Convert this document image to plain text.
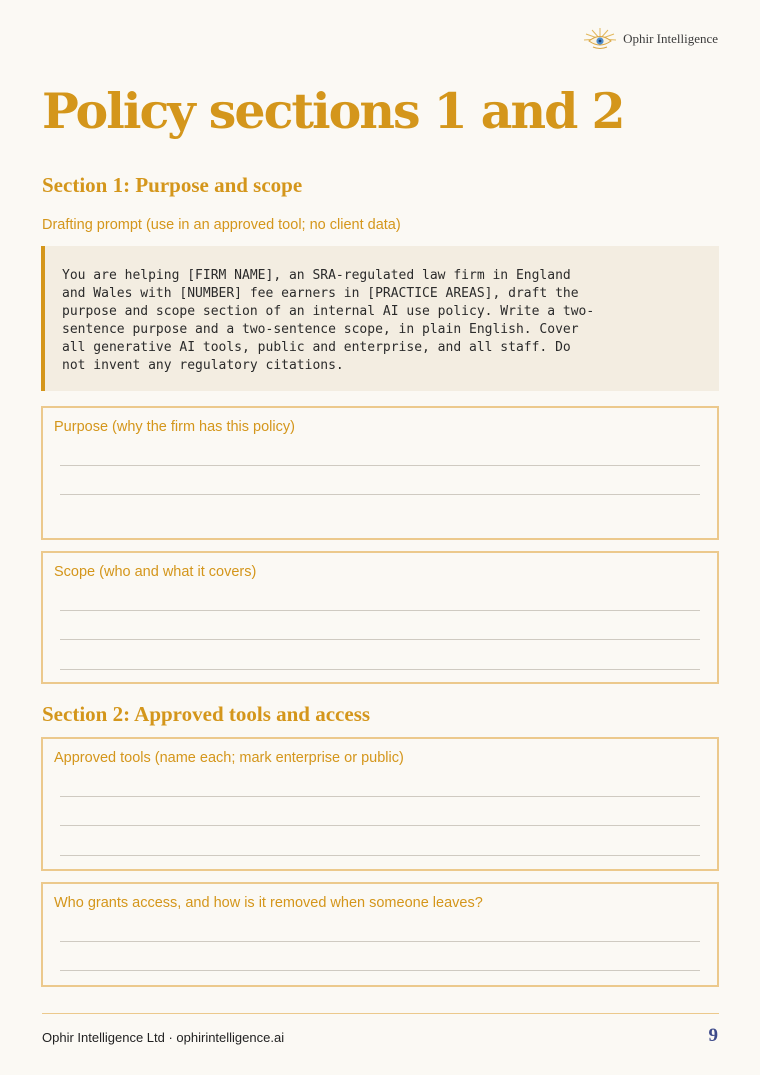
Ophir Intelligence
Policy sections 1 and 2
Section 1: Purpose and scope
Drafting prompt (use in an approved tool; no client data)
You are helping [FIRM NAME], an SRA-regulated law firm in England
and Wales with [NUMBER] fee earners in [PRACTICE AREAS], draft the
purpose and scope section of an internal AI use policy. Write a two-
sentence purpose and a two-sentence scope, in plain English. Cover
all generative AI tools, public and enterprise, and all staff. Do
not invent any regulatory citations.
Purpose (why the firm has this policy)
Scope (who and what it covers)
Section 2: Approved tools and access
Approved tools (name each; mark enterprise or public)
Who grants access, and how is it removed when someone leaves?
Ophir Intelligence Ltd · ophirintelligence.ai	9
